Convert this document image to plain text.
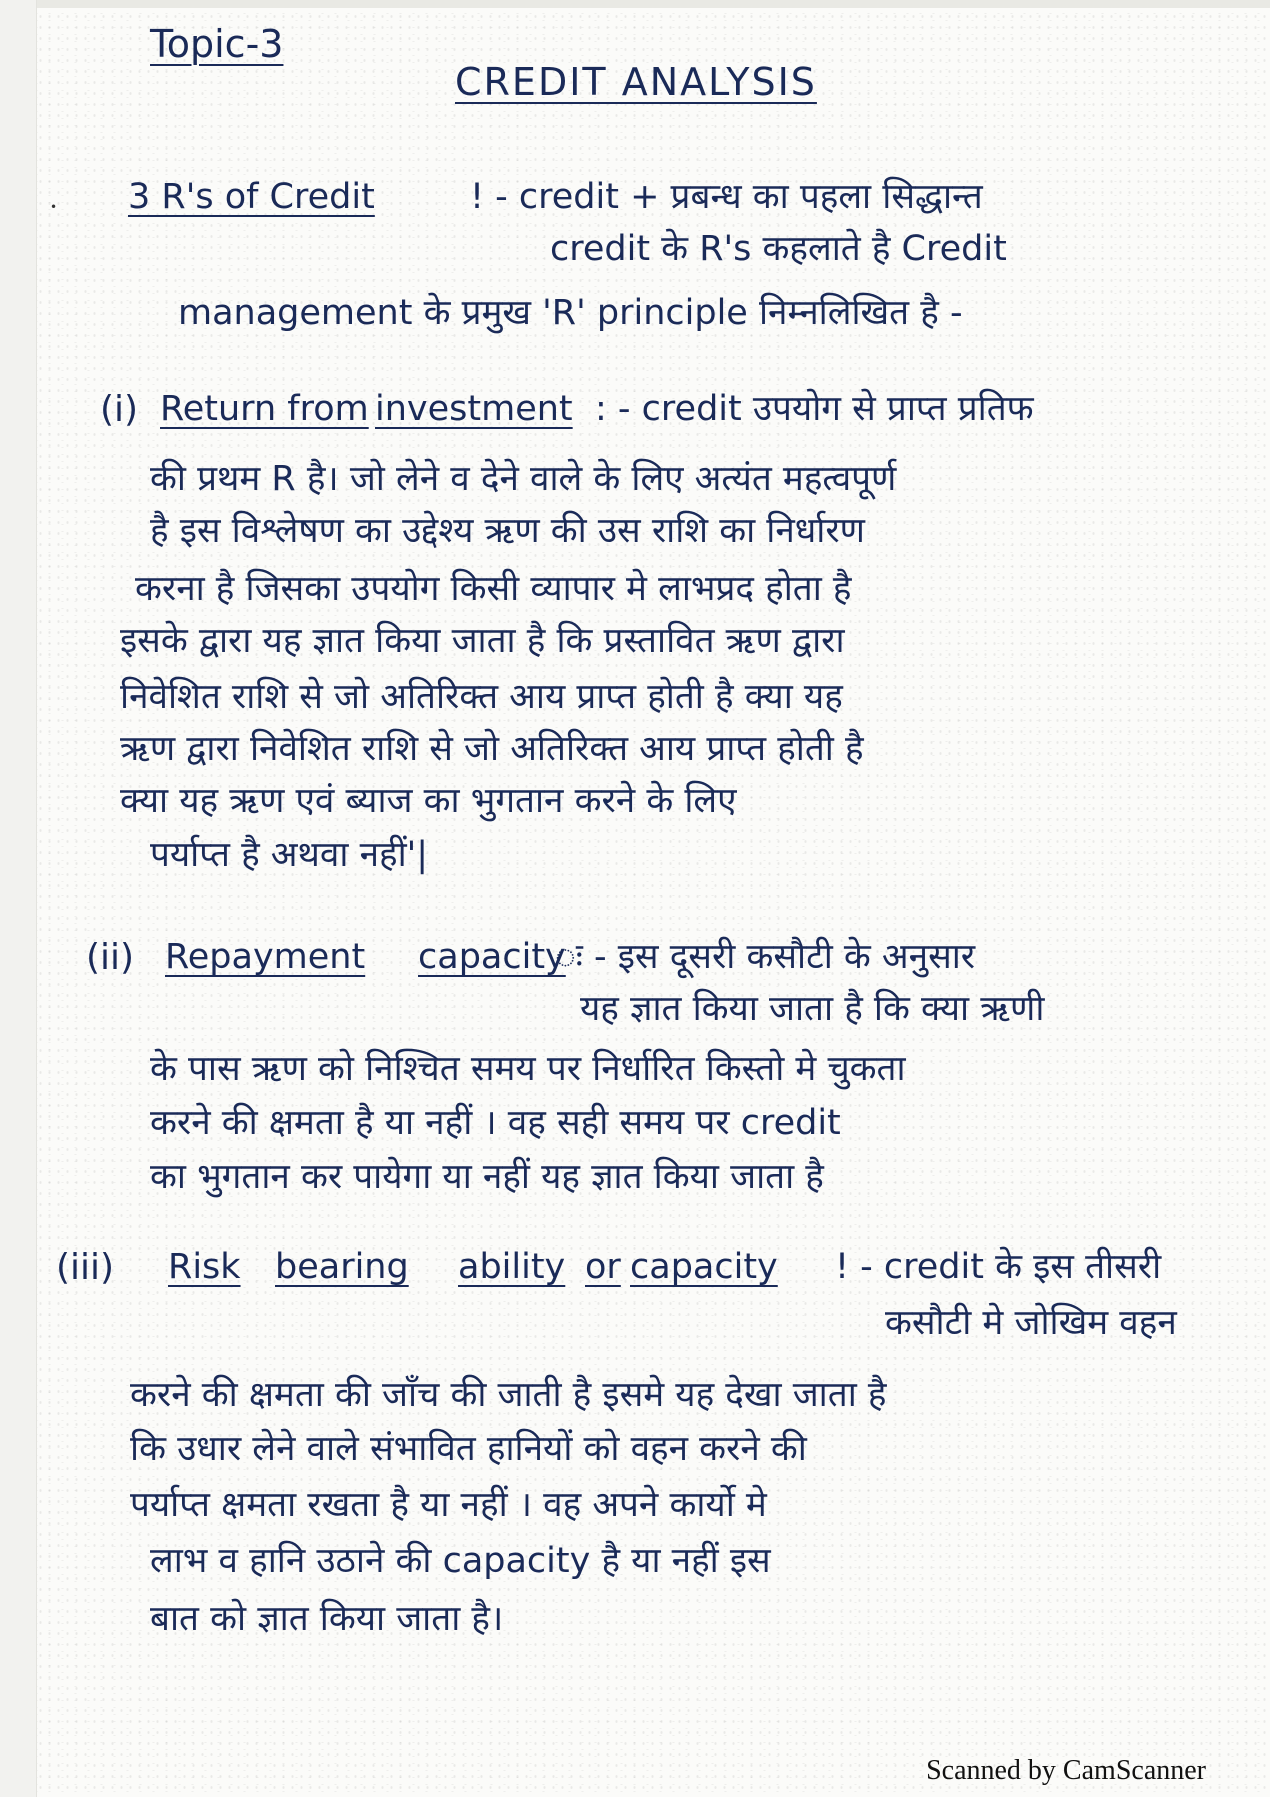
Topic-3
CREDIT ANALYSIS
• 3 R's of Credit	! - credit + प्रबन्ध का पहला सिद्धान्त
credit के R's कहलाते है Credit
management के प्रमुख 'R' principle निम्नलिखित है -
(i) Return from investment : - credit उपयोग से प्राप्त प्रतिफ
की प्रथम R है। जो लेने व देने वाले के लिए अत्यंत महत्वपूर्ण
है इस विश्लेषण का उद्देश्य ऋण की उस राशि का निर्धारण
करना है जिसका उपयोग किसी व्यापार मे लाभप्रद होता है
इसके द्वारा यह ज्ञात किया जाता है कि प्रस्तावित ऋण द्वारा
निवेशित राशि से जो अतिरिक्त आय प्राप्त होती है क्या यह
ऋण द्वारा निवेशित राशि से जो अतिरिक्त आय प्राप्त होती है
क्या यह ऋण एवं ब्याज का भुगतान करने के लिए
पर्याप्त है अथवा नहीं'|
(ii) Repayment capacity
ः - इस दूसरी कसौटी के अनुसार
यह ज्ञात किया जाता है कि क्या ऋणी
के पास ऋण को निश्चित समय पर निर्धारित किस्तो मे चुकता
करने की क्षमता है या नहीं । वह सही समय पर credit
का भुगतान कर पायेगा या नहीं यह ज्ञात किया जाता है
(iii) Risk bearing ability or capacity ! - credit के इस तीसरी
कसौटी मे जोखिम वहन
करने की क्षमता की जाँच की जाती है इसमे यह देखा जाता है
कि उधार लेने वाले संभावित हानियों को वहन करने की
पर्याप्त क्षमता रखता है या नहीं । वह अपने कार्यो मे
लाभ व हानि उठाने की capacity है या नहीं इस
बात को ज्ञात किया जाता है।
Scanned by CamScanner
